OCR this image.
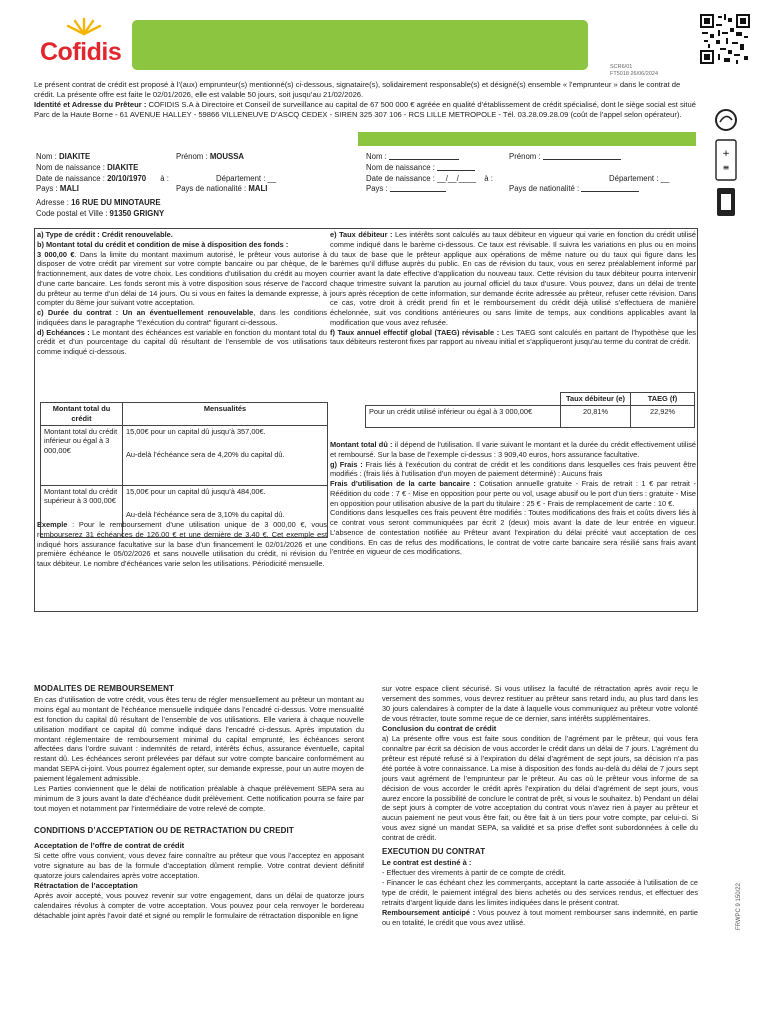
Cofidis
SCR6/01
FT5018 26/06/2024
FRWPC 9 150/22
+
≡

Le présent contrat de crédit est proposé à l’(aux) emprunteur(s) mentionné(s) ci-dessous, signataire(s), solidairement responsable(s) et désigné(s) ensemble « l’emprunteur » dans le contrat de crédit. La présente offre est faite le 02/01/2026, elle est valable 50 jours, soit jusqu’au 21/02/2026.

Identité et Adresse du Prêteur : COFIDIS S.A à Directoire et Conseil de surveillance au capital de 67 500 000 € agréée en qualité d’établissement de crédit spécialisé, dont le siège social est situé Parc de la Haute Borne - 61 AVENUE HALLEY - 59866 VILLENEUVE D’ASCQ CEDEX - SIREN 325 307 106 - RCS LILLE METROPOLE - Tél. 03.28.09.28.09 (coût de l’appel selon opérateur).

Nom : DIAKITE	Prénom : MOUSSA
Nom de naissance : DIAKITE
Date de naissance : 20/10/1970 à :	Département : __
Pays : MALI	Pays de nationalité : MALI
Adresse : 16 RUE DU MINOTAURE
Code postal et Ville : 91350 GRIGNY
Nom :	Prénom :
Nom de naissance :
Date de naissance : __/__/____ à :	Département : __
Pays :	Pays de nationalité :

a) Type de crédit : Crédit renouvelable.

b) Montant total du crédit et condition de mise à disposition des fonds :

3 000,00 €. Dans la limite du montant maximum autorisé, le prêteur vous autorise à disposer de votre crédit par virement sur votre compte bancaire ou par chèque, de le fractionnement, aux dates de votre choix. Les conditions d’utilisation du crédit au moyen d’une carte bancaire. Les fonds seront mis à votre disposition sous réserve de l’accord du prêteur au terme d’un délai de 14 jours. Ou si vous en faites la demande expresse, à compter du 8ème jour suivant votre acceptation.

c) Durée du contrat : Un an éventuellement renouvelable, dans les conditions indiquées dans le paragraphe "l’exécution du contrat" figurant ci-dessous.

d) Echéances : Le montant des échéances est variable en fonction du montant total du crédit et d’un pourcentage du capital dû résultant de l’ensemble de vos utilisations comme indiqué ci-dessous.

Montant total du crédit	Mensualités
Montant total du crédit inférieur ou égal à 3 000,00€	15,00€ pour un capital dû jusqu’à 357,00€.

Au-delà l’échéance sera de 4,20% du capital dû.

Montant total du crédit supérieur à 3 000,00€	15,00€ pour un capital dû jusqu’à 484,00€.

Au-delà l’échéance sera de 3,10% du capital dû.

Exemple : Pour le remboursement d’une utilisation unique de 3 000,00 €, vous rembourserez 31 échéances de 126,00 € et une dernière de 3,40 €. Cet exemple est indiqué hors assurance facultative sur la base d’un financement le 02/01/2026 et une première échéance le 05/02/2026 et sans nouvelle utilisation du crédit, ni révision du taux débiteur. Le nombre d’échéances varie selon les utilisations. Périodicité mensuelle.

e) Taux débiteur : Les intérêts sont calculés au taux débiteur en vigueur qui varie en fonction du crédit utilisé comme indiqué dans le barème ci-dessous. Ce taux est révisable. Il suivra les variations en plus ou en moins du taux de base que le prêteur applique aux opérations de même nature ou du taux qui figure dans les barèmes qu’il diffuse auprès du public. En cas de révision du taux, vous en serez préalablement informé par courrier avant la date effective d’application du nouveau taux. Cette révision du taux débiteur pourra intervenir chaque trimestre suivant la parution au journal officiel du taux d’usure. Vous pouvez, dans un délai de trente jours après réception de cette information, sur demande écrite adressée au prêteur, refuser cette révision. Dans ce cas, votre droit à crédit prend fin et le remboursement du crédit déjà utilisé s’effectuera de manière échelonnée, suit vos conditions antérieures ou sans limite de temps, aux conditions applicables avant la modification que vous avez refusée.

f) Taux annuel effectif global (TAEG) révisable : Les TAEG sont calculés en partant de l’hypothèse que les taux débiteurs resteront fixes par rapport au niveau initial et s’appliqueront jusqu’au terme du contrat de crédit.

	Taux débiteur (e)	TAEG (f)
Pour un crédit utilisé inférieur ou égal à 3 000,00€	20,81%	22,92%

Montant total dû : il dépend de l’utilisation. Il varie suivant le montant et la durée du crédit effectivement utilisé et remboursé. Sur la base de l’exemple ci-dessus : 3 909,40 euros, hors assurance facultative.

g) Frais : Frais liés à l’exécution du contrat de crédit et les conditions dans lesquelles ces frais peuvent être modifiés : (frais liés à l’utilisation d’un moyen de paiement déterminé) : Aucuns frais

Frais d’utilisation de la carte bancaire : Cotisation annuelle gratuite - Frais de retrait : 1 € par retrait - Réédition du code : 7 € - Mise en opposition pour perte ou vol, usage abusif ou le port d’un tiers : gratuite - Mise en opposition pour utilisation abusive de la part du titulaire : 25 € - Frais de remplacement de carte : 10 €.

Conditions dans lesquelles ces frais peuvent être modifiés : Toutes modifications des frais et coûts divers liés à ce contrat vous seront communiquées par écrit 2 (deux) mois avant la date de leur entrée en vigueur. L’absence de contestation notifiée au Prêteur avant l’expiration du délai précité vaut acceptation de ces conditions. En cas de refus des modifications, le contrat de votre carte bancaire sera résilié sans frais avant l’entrée en vigueur de ces modifications.

MODALITES DE REMBOURSEMENT

En cas d’utilisation de votre crédit, vous êtes tenu de régler mensuellement au prêteur un montant au moins égal au montant de l’échéance mensuelle indiquée dans l’encadré ci-dessus. Votre mensualité est fonction du capital dû résultant de l’ensemble de vos utilisations. Elle variera à chaque nouvelle utilisation modifiant ce capital dû comme indiqué dans l’encadré ci-dessus. Après imputation du montant réglementaire de remboursement minimal du capital emprunté, les échéances seront affectées dans l’ordre suivant : indemnités de retard, intérêts échus, assurance éventuelle, capital restant dû. Les échéances seront prélevées par défaut sur votre compte bancaire conformément au mandat SEPA ci-joint. Vous pourrez également opter, sur demande expresse, pour un autre moyen de paiement légalement admissible.

Les Parties conviennent que le délai de notification préalable à chaque prélèvement SEPA sera au minimum de 3 jours avant la date d’échéance dudit prélèvement. Cette notification pourra se faire par tout moyen et notamment par l’intermédiaire de votre relevé de compte.

CONDITIONS D’ACCEPTATION OU DE RETRACTATION DU CREDIT
Acceptation de l’offre de contrat de crédit

Si cette offre vous convient, vous devez faire connaître au prêteur que vous l’acceptez en apposant votre signature au bas de la formule d’acceptation dûment remplie. Votre contrat devient définitif quatorze jours calendaires après votre acceptation.

Rétractation de l’acceptation

Après avoir accepté, vous pouvez revenir sur votre engagement, dans un délai de quatorze jours calendaires révolus à compter de votre acceptation. Vous pouvez pour cela renvoyer le bordereau détachable joint après l’avoir daté et signé ou remplir le formulaire de rétractation disponible en ligne

sur votre espace client sécurisé. Si vous utilisez la faculté de rétractation après avoir reçu le versement des sommes, vous devrez restituer au prêteur sans retard indu, au plus tard dans les 30 jours calendaires à compter de la date à laquelle vous communiquez au prêteur votre volonté de vous rétracter, toute somme reçue de ce dernier, sans intérêts supplémentaires.

Conclusion du contrat de crédit

a) La présente offre vous est faite sous condition de l’agrément par le prêteur, qui vous fera connaître par écrit sa décision de vous accorder le crédit dans un délai de 7 jours. L’agrément du prêteur est réputé refusé si à l’expiration du délai d’agrément de sept jours, sa décision n’a pas été portée à votre connaissance. La mise à disposition des fonds au-delà du délai de 7 jours sept jours vaut agrément de l’emprunteur par le prêteur. Au cas où le prêteur vous informe de sa décision de vous accorder le crédit après l’expiration du délai d’agrément de sept jours, vous aurez encore la possibilité de conclure le contrat de prêt, si vous le souhaitez. b) Pendant un délai de sept jours à compter de votre acceptation du contrat vous n’avez rien à payer au prêteur et aucun paiement ne peut vous être fait, ou être fait à un tiers pour votre compte, par celui-ci. Si vous avez signé un mandat SEPA, sa validité et sa prise d’effet sont subordonnées à celle du contrat de crédit.

EXECUTION DU CONTRAT
Le contrat est destiné à :

- Effectuer des virements à partir de ce compte de crédit.

- Financer le cas échéant chez les commerçants, acceptant la carte associée à l’utilisation de ce type de crédit, le paiement intégral des biens achetés ou des services rendus, et effectuer des retraits d’argent liquide dans les limites indiquées dans le présent contrat.

Remboursement anticipé : Vous pouvez à tout moment rembourser sans indemnité, en partie ou en totalité, le crédit que vous avez utilisé.
